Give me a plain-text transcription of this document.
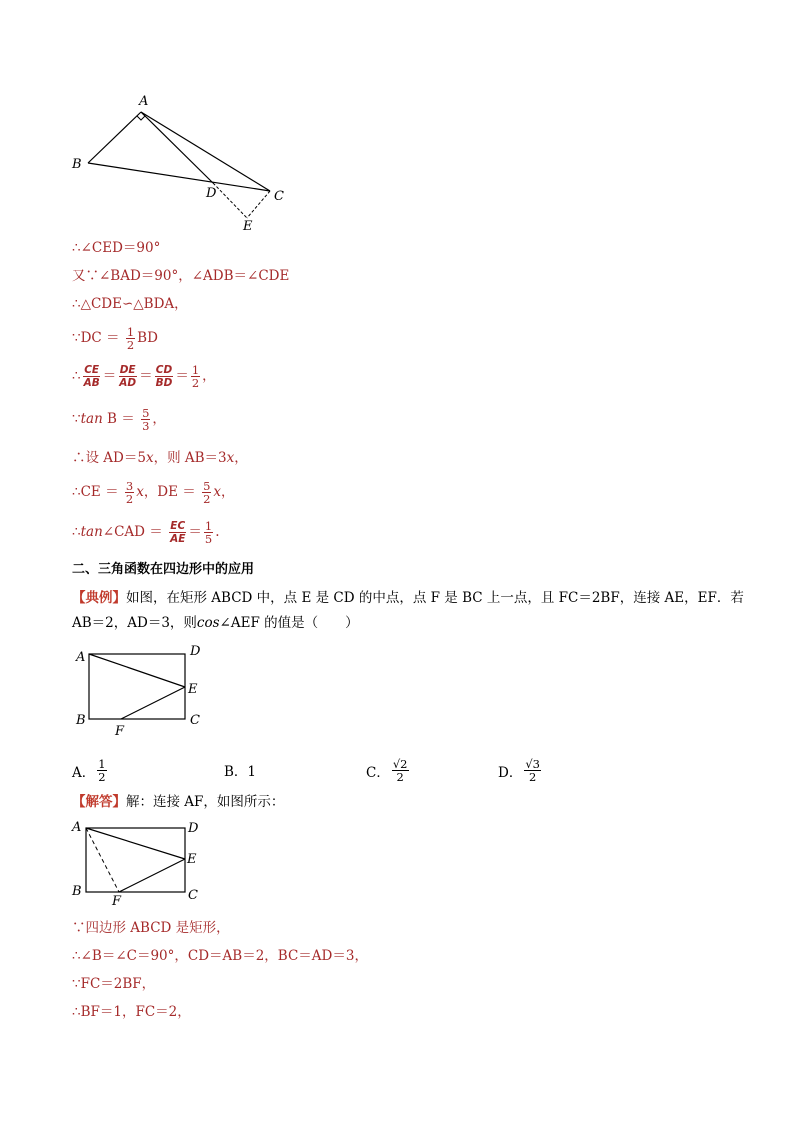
A
B
C
D
E
∴∠CED＝90°
又∵∠BAD＝90°，∠ADB＝∠CDE
∴△CDE∽△BDA，
∵DC ＝ $\frac{1}{2}$ BD
∴ $\frac{CE}{AB} = \frac{DE}{AD} = \frac{CD}{BD} = \frac{1}{2}$ ，
∵tan $B = \frac{5}{3}$ ，
∴设 AD＝5x，则 AB＝3x，
∴CE ＝ $\frac{3}{2}$ x，DE ＝ $\frac{5}{2}$ x，
∴tan∠CAD ＝ $\frac{EC}{AE} = \frac{1}{5}$ .
二、三角函数在四边形中的应用
【典例】如图，在矩形 ABCD 中，点 E 是 CD 的中点，点 F 是 BC 上一点，且 FC＝2BF，连接 AE，EF．若
AB＝2，AD＝3，则cos∠AEF 的值是（　　）
A	D
E
B	C
F
A． $\frac{1}{2}$	B．1	C． $\frac{√2}{2}$	D． $\frac{√3}{2}$
【解答】解：连接 AF，如图所示：
A	D
E
B	C
F
∵四边形 ABCD 是矩形，
∴∠B＝∠C＝90°，CD＝AB＝2，BC＝AD＝3，
∵FC＝2BF，
∴BF＝1，FC＝2，
